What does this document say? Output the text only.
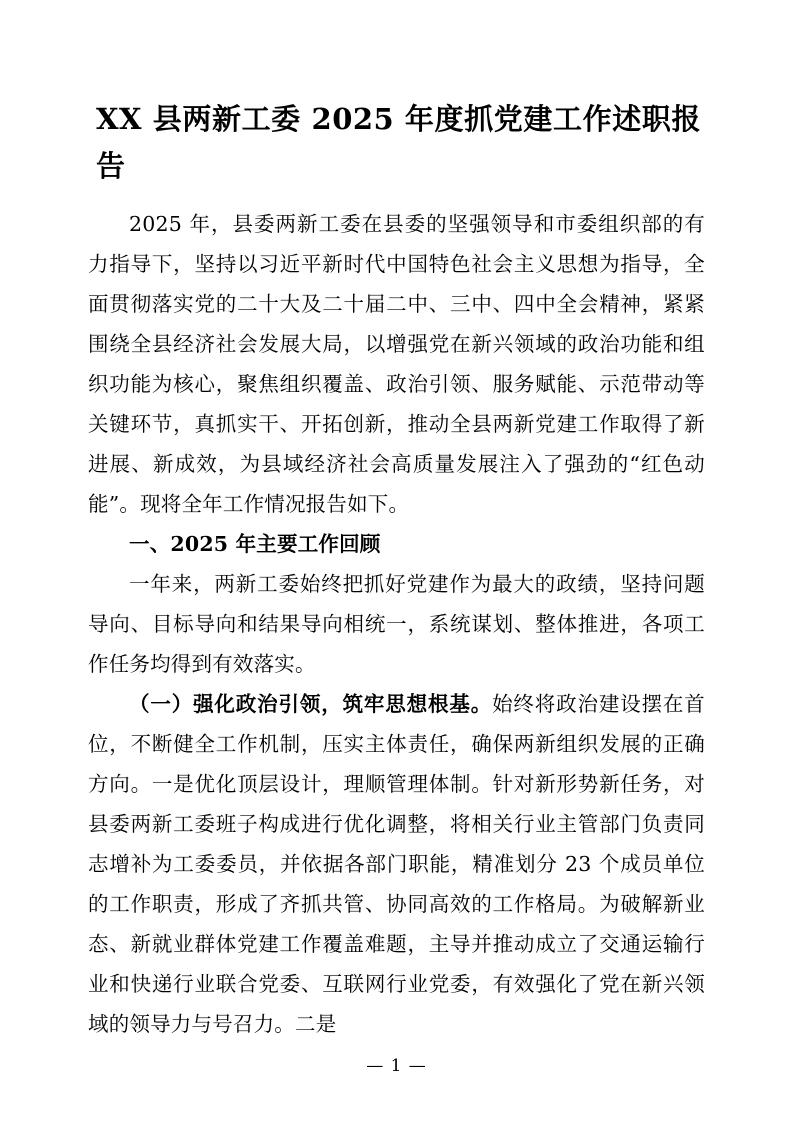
XX 县两新工委 2025 年度抓党建工作述职报告

2025 年，县委两新工委在县委的坚强领导和市委组织部的有力指导下，坚持以习近平新时代中国特色社会主义思想为指导，全面贯彻落实党的二十大及二十届二中、三中、四中全会精神，紧紧围绕全县经济社会发展大局，以增强党在新兴领域的政治功能和组织功能为核心，聚焦组织覆盖、政治引领、服务赋能、示范带动等关键环节，真抓实干、开拓创新，推动全县两新党建工作取得了新进展、新成效，为县域经济社会高质量发展注入了强劲的“红色动能”。现将全年工作情况报告如下。

一、2025 年主要工作回顾

一年来，两新工委始终把抓好党建作为最大的政绩，坚持问题导向、目标导向和结果导向相统一，系统谋划、整体推进，各项工作任务均得到有效落实。

（一）强化政治引领，筑牢思想根基。始终将政治建设摆在首位，不断健全工作机制，压实主体责任，确保两新组织发展的正确方向。一是优化顶层设计，理顺管理体制。针对新形势新任务，对县委两新工委班子构成进行优化调整，将相关行业主管部门负责同志增补为工委委员，并依据各部门职能，精准划分 23 个成员单位的工作职责，形成了齐抓共管、协同高效的工作格局。为破解新业态、新就业群体党建工作覆盖难题，主导并推动成立了交通运输行业和快递行业联合党委、互联网行业党委，有效强化了党在新兴领域的领导力与号召力。二是

— 1 —
